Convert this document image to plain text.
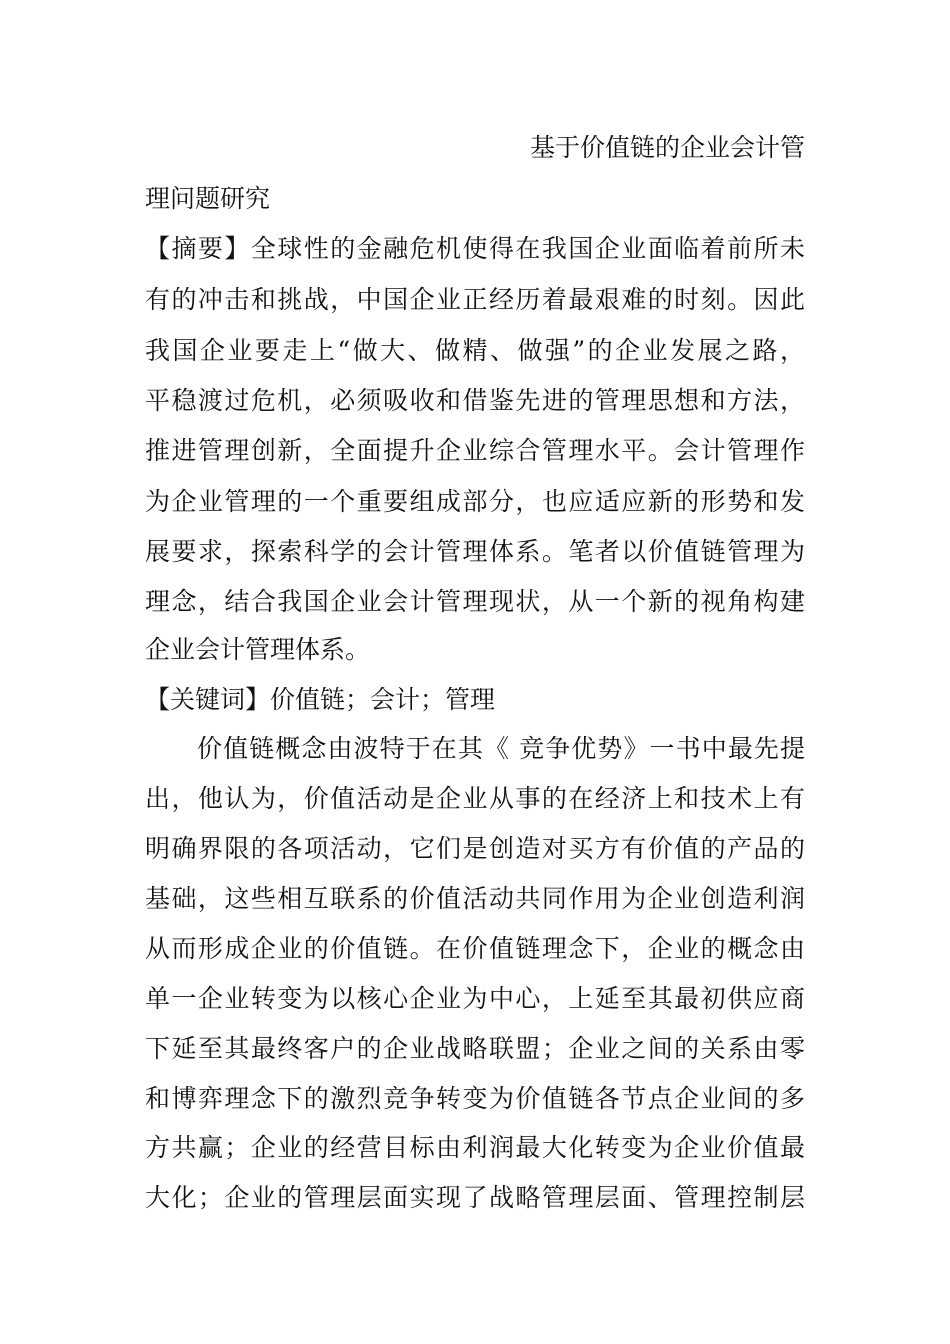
基于价值链的企业会计管
理问题研究
【摘要】全球性的金融危机使得在我国企业面临着前所未
有的冲击和挑战，中国企业正经历着最艰难的时刻。因此
我国企业要走上“做大、做精、做强”的企业发展之路，
平稳渡过危机，必须吸收和借鉴先进的管理思想和方法，
推进管理创新，全面提升企业综合管理水平。会计管理作
为企业管理的一个重要组成部分，也应适应新的形势和发
展要求，探索科学的会计管理体系。笔者以价值链管理为
理念，结合我国企业会计管理现状，从一个新的视角构建
企业会计管理体系。
【关键词】价值链；会计；管理
价值链概念由波特于在其《 竞争优势》一书中最先提
出，他认为，价值活动是企业从事的在经济上和技术上有
明确界限的各项活动，它们是创造对买方有价值的产品的
基础，这些相互联系的价值活动共同作用为企业创造利润
从而形成企业的价值链。在价值链理念下，企业的概念由
单一企业转变为以核心企业为中心，上延至其最初供应商
下延至其最终客户的企业战略联盟；企业之间的关系由零
和博弈理念下的激烈竞争转变为价值链各节点企业间的多
方共赢；企业的经营目标由利润最大化转变为企业价值最
大化；企业的管理层面实现了战略管理层面、管理控制层
